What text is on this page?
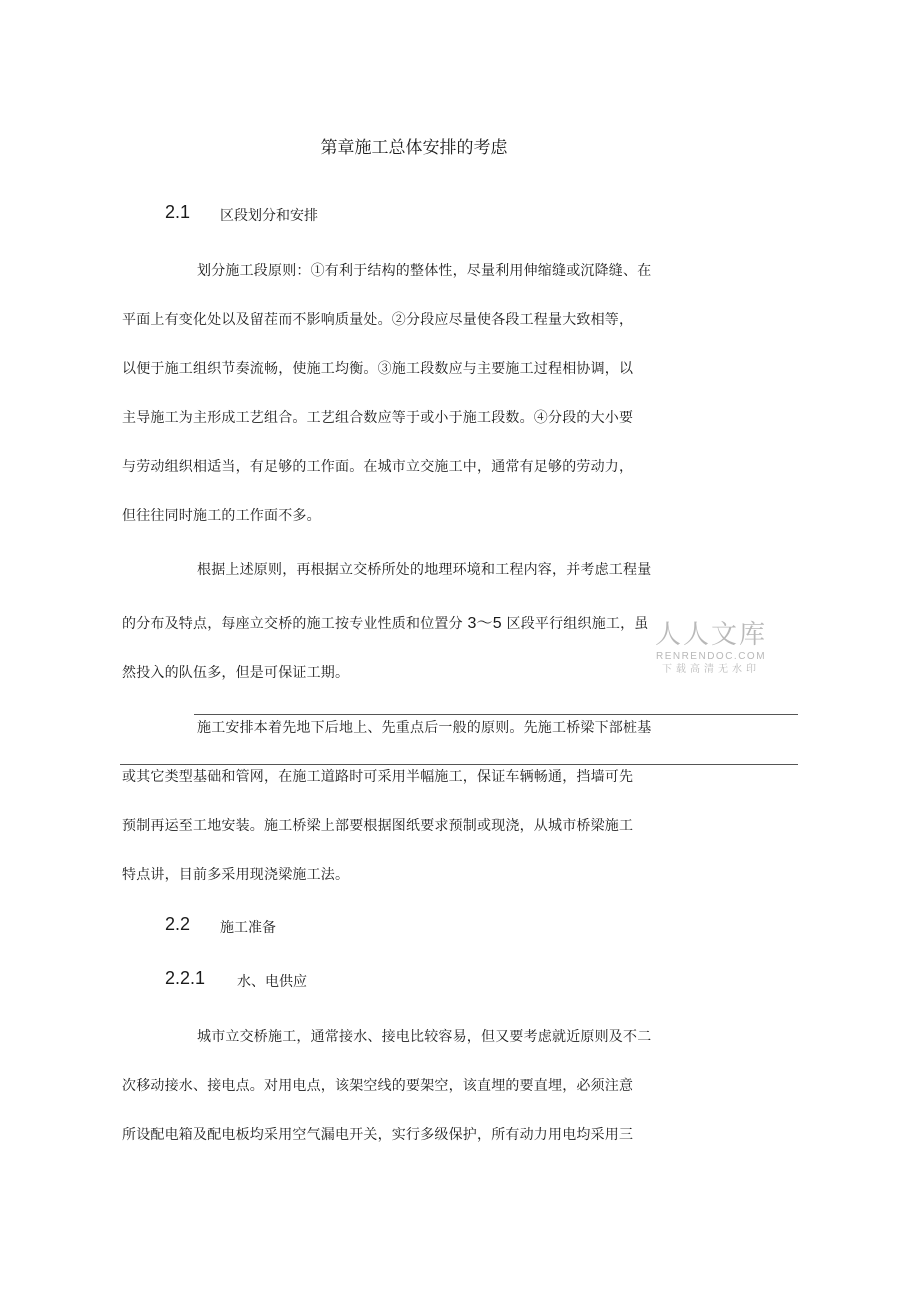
第章施工总体安排的考虑
2.1 区段划分和安排
划分施工段原则：①有利于结构的整体性，尽量利用伸缩缝或沉降缝、在
平面上有变化处以及留茬而不影响质量处。②分段应尽量使各段工程量大致相等，
以便于施工组织节奏流畅，使施工均衡。③施工段数应与主要施工过程相协调，以
主导施工为主形成工艺组合。工艺组合数应等于或小于施工段数。④分段的大小要
与劳动组织相适当，有足够的工作面。在城市立交施工中，通常有足够的劳动力，
但往往同时施工的工作面不多。
根据上述原则，再根据立交桥所处的地理环境和工程内容，并考虑工程量
的分布及特点，每座立交桥的施工按专业性质和位置分 3〜5 区段平行组织施工，虽
然投入的队伍多，但是可保证工期。
人人文库
RENRENDOC.COM
下载高清无水印
施工安排本着先地下后地上、先重点后一般的原则。先施工桥梁下部桩基
或其它类型基础和管网，在施工道路时可采用半幅施工，保证车辆畅通，挡墙可先
预制再运至工地安装。施工桥梁上部要根据图纸要求预制或现浇，从城市桥梁施工
特点讲，目前多采用现浇梁施工法。
2.2 施工准备
2.2.1 水、电供应
城市立交桥施工，通常接水、接电比较容易，但又要考虑就近原则及不二
次移动接水、接电点。对用电点，该架空线的要架空，该直埋的要直埋，必须注意
所设配电箱及配电板均采用空气漏电开关，实行多级保护，所有动力用电均采用三
